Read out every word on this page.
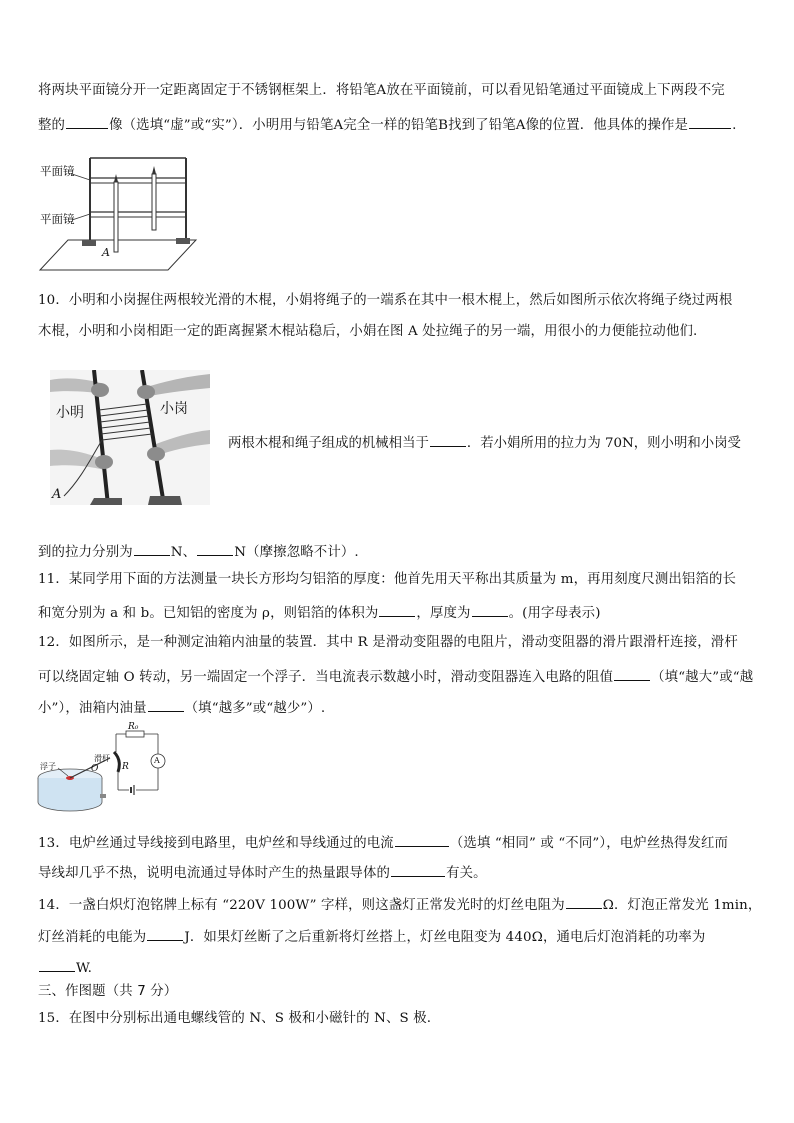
将两块平面镜分开一定距离固定于不锈钢框架上．将铅笔A放在平面镜前，可以看见铅笔通过平面镜成上下两段不完
整的	像（选填“虚”或“实”）．小明用与铅笔A完全一样的铅笔B找到了铅笔A像的位置．他具体的操作是	.
平面镜
平面镜
A
10．小明和小岗握住两根较光滑的木棍，小娟将绳子的一端系在其中一根木棍上，然后如图所示依次将绳子绕过两根
木棍，小明和小岗相距一定的距离握紧木棍站稳后，小娟在图 A 处拉绳子的另一端，用很小的力便能拉动他们.
小明	小岗
A
两根木棍和绳子组成的机械相当于	．若小娟所用的拉力为 70N，则小明和小岗受
到的拉力分别为	N、	N（摩擦忽略不计）.
11．某同学用下面的方法测量一块长方形均匀铝箔的厚度：他首先用天平称出其质量为 m，再用刻度尺测出铝箔的长
和宽分别为 a 和 b。已知铝的密度为 ρ，则铝箔的体积为	，厚度为	。(用字母表示)
12．如图所示，是一种测定油箱内油量的装置．其中 R 是滑动变阻器的电阻片，滑动变阻器的滑片跟滑杆连接，滑杆
可以绕固定轴 O 转动，另一端固定一个浮子．当电流表示数越小时，滑动变阻器连入电路的阻值	（填“越大”或“越
小”），油箱内油量	（填“越多”或“越少”）.
浮子
滑杆
O	R
R₀
A
13．电炉丝通过导线接到电路里，电炉丝和导线通过的电流	（选填 “相同” 或 “不同”），电炉丝热得发红而
导线却几乎不热，说明电流通过导体时产生的热量跟导体的	有关。
14．一盏白炽灯泡铭牌上标有 “220V 100W” 字样，则这盏灯正常发光时的灯丝电阻为	Ω．灯泡正常发光 1min，
灯丝消耗的电能为	J．如果灯丝断了之后重新将灯丝搭上，灯丝电阻变为 440Ω，通电后灯泡消耗的功率为
W.
三、作图题（共 7 分）
15．在图中分别标出通电螺线管的 N、S 极和小磁针的 N、S 极.
